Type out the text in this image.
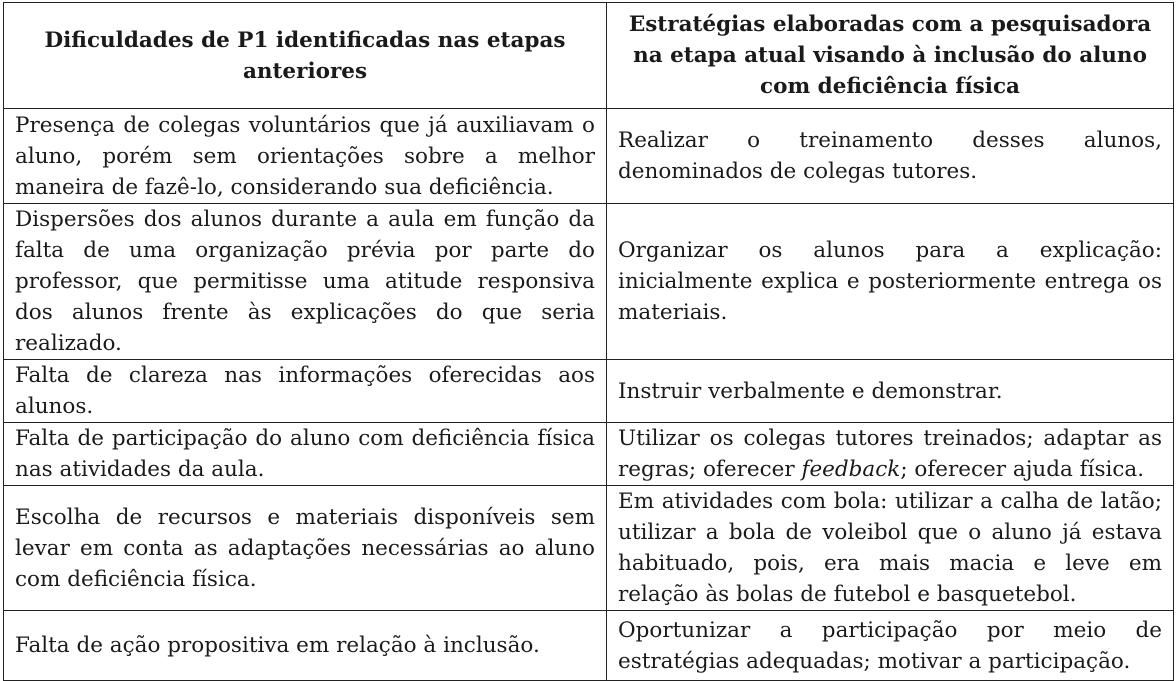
Dificuldades de P1 identificadas nas etapas anteriores	Estratégias elaboradas com a pesquisadora na etapa atual visando à inclusão do aluno com deficiência física
Presença de colegas voluntários que já auxiliavam o aluno, porém sem orientações sobre a melhor maneira de fazê-lo, considerando sua deficiência.	Realizar o treinamento desses alunos, denominados de colegas tutores.
Dispersões dos alunos durante a aula em função da falta de uma organização prévia por parte do professor, que permitisse uma atitude responsiva dos alunos frente às explicações do que seria realizado.	Organizar os alunos para a explicação: inicialmente explica e posteriormente entrega os materiais.
Falta de clareza nas informações oferecidas aos alunos.	Instruir verbalmente e demonstrar.
Falta de participação do aluno com deficiência física nas atividades da aula.	Utilizar os colegas tutores treinados; adaptar as regras; oferecer feedback; oferecer ajuda física.
Escolha de recursos e materiais disponíveis sem levar em conta as adaptações necessárias ao aluno com deficiência física.	Em atividades com bola: utilizar a calha de latão; utilizar a bola de voleibol que o aluno já estava habituado, pois, era mais macia e leve em relação às bolas de futebol e basquetebol.
Falta de ação propositiva em relação à inclusão.	Oportunizar a participação por meio de estratégias adequadas; motivar a participação.
